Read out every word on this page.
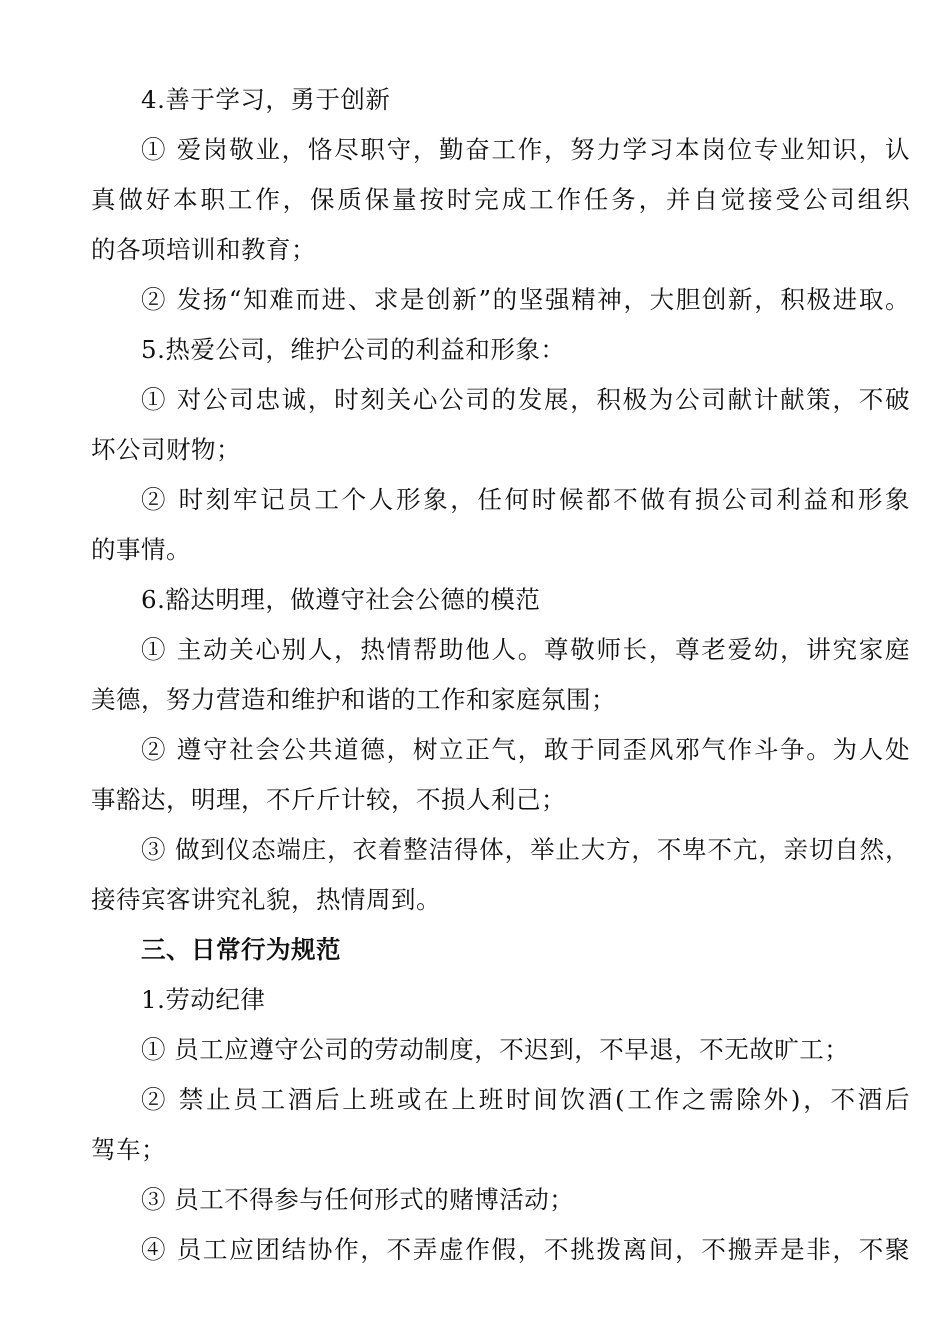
4.善于学习，勇于创新
① 爱岗敬业，恪尽职守，勤奋工作，努力学习本岗位专业知识，认
真做好本职工作，保质保量按时完成工作任务，并自觉接受公司组织
的各项培训和教育；
② 发扬“知难而进、求是创新”的坚强精神，大胆创新，积极进取。
5.热爱公司，维护公司的利益和形象：
① 对公司忠诚，时刻关心公司的发展，积极为公司献计献策，不破
坏公司财物；
② 时刻牢记员工个人形象，任何时候都不做有损公司利益和形象
的事情。
6.豁达明理，做遵守社会公德的模范
① 主动关心别人，热情帮助他人。尊敬师长，尊老爱幼，讲究家庭
美德，努力营造和维护和谐的工作和家庭氛围；
② 遵守社会公共道德，树立正气，敢于同歪风邪气作斗争。为人处
事豁达，明理，不斤斤计较，不损人利己；
③ 做到仪态端庄，衣着整洁得体，举止大方，不卑不亢，亲切自然，
接待宾客讲究礼貌，热情周到。
三、日常行为规范
1.劳动纪律
① 员工应遵守公司的劳动制度，不迟到，不早退，不无故旷工；
② 禁止员工酒后上班或在上班时间饮酒(工作之需除外)，不酒后
驾车；
③ 员工不得参与任何形式的赌博活动；
④ 员工应团结协作，不弄虚作假，不挑拨离间，不搬弄是非，不聚
